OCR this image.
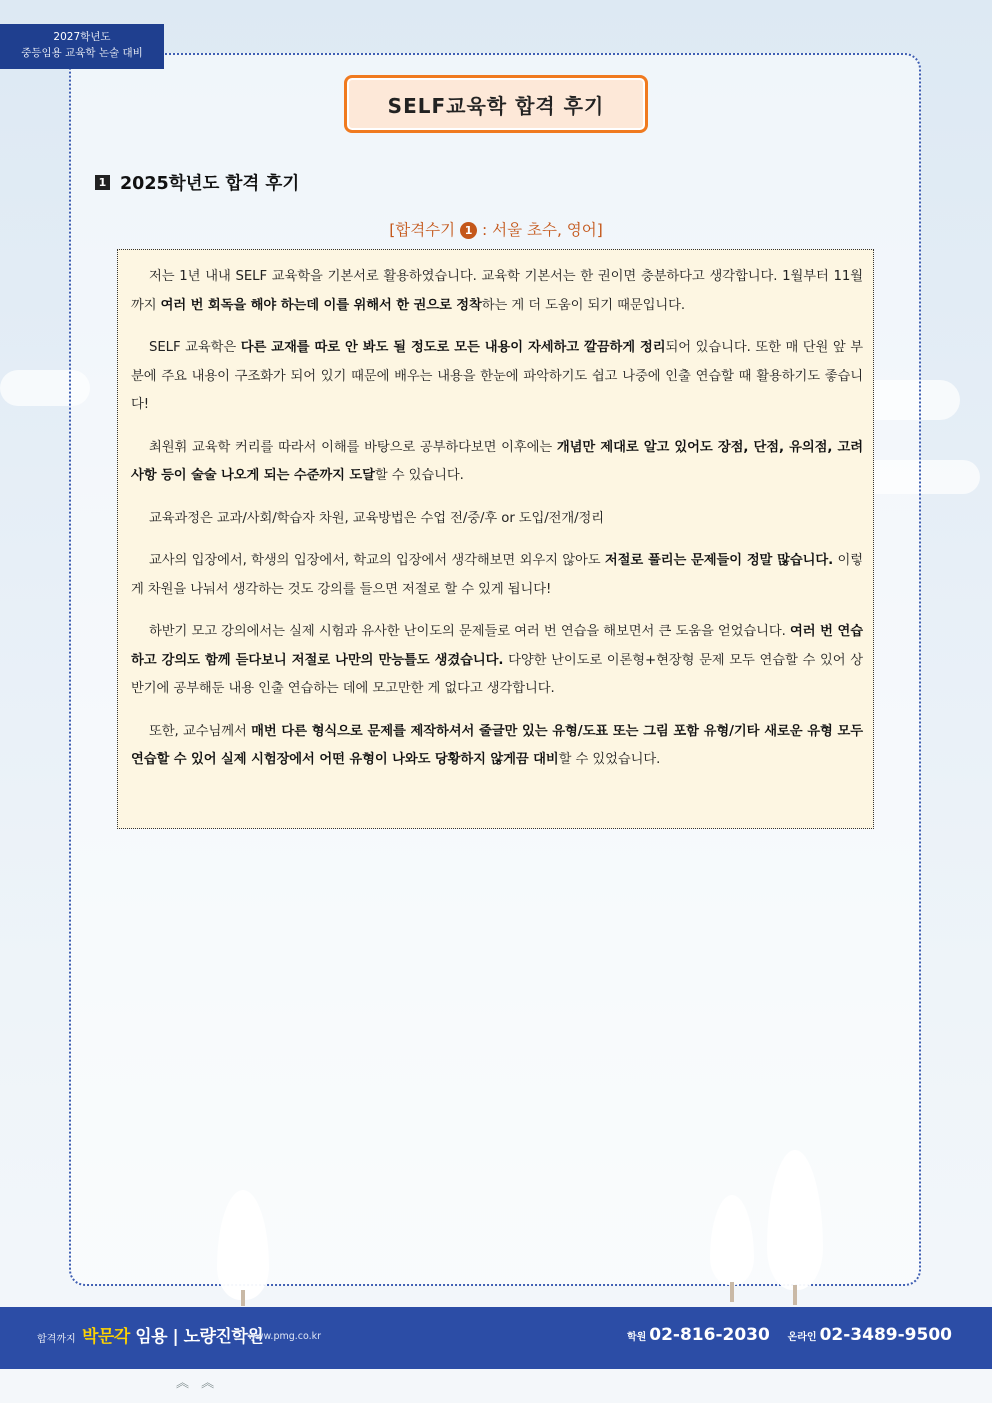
2027학년도
중등임용 교육학 논술 대비
SELF교육학 합격 후기
1 2025학년도 합격 후기
[합격수기 1 : 서울 초수, 영어]

저는 1년 내내 SELF 교육학을 기본서로 활용하였습니다. 교육학 기본서는 한 권이면 충분하다고 생각합니다. 1월부터 11월까지 여러 번 회독을 해야 하는데 이를 위해서 한 권으로 정착하는 게 더 도움이 되기 때문입니다.

SELF 교육학은 다른 교재를 따로 안 봐도 될 정도로 모든 내용이 자세하고 깔끔하게 정리되어 있습니다. 또한 매 단원 앞 부분에 주요 내용이 구조화가 되어 있기 때문에 배우는 내용을 한눈에 파악하기도 쉽고 나중에 인출 연습할 때 활용하기도 좋습니다!

최원휘 교육학 커리를 따라서 이해를 바탕으로 공부하다보면 이후에는 개념만 제대로 알고 있어도 장점, 단점, 유의점, 고려사항 등이 술술 나오게 되는 수준까지 도달할 수 있습니다.

교육과정은 교과/사회/학습자 차원, 교육방법은 수업 전/중/후 or 도입/전개/정리

교사의 입장에서, 학생의 입장에서, 학교의 입장에서 생각해보면 외우지 않아도 저절로 풀리는 문제들이 정말 많습니다. 이렇게 차원을 나눠서 생각하는 것도 강의를 들으면 저절로 할 수 있게 됩니다!

하반기 모고 강의에서는 실제 시험과 유사한 난이도의 문제들로 여러 번 연습을 해보면서 큰 도움을 얻었습니다. 여러 번 연습하고 강의도 함께 듣다보니 저절로 나만의 만능틀도 생겼습니다. 다양한 난이도로 이론형+현장형 문제 모두 연습할 수 있어 상반기에 공부해둔 내용 인출 연습하는 데에 모고만한 게 없다고 생각합니다.

또한, 교수님께서 매번 다른 형식으로 문제를 제작하셔서 줄글만 있는 유형/도표 또는 그림 포함 유형/기타 새로운 유형 모두 연습할 수 있어 실제 시험장에서 어떤 유형이 나와도 당황하지 않게끔 대비할 수 있었습니다.

합격까지 박문각 임용 | 노량진학원
www.pmg.co.kr	학원 02-816-2030 온라인 02-3489-9500
︽ ︽
